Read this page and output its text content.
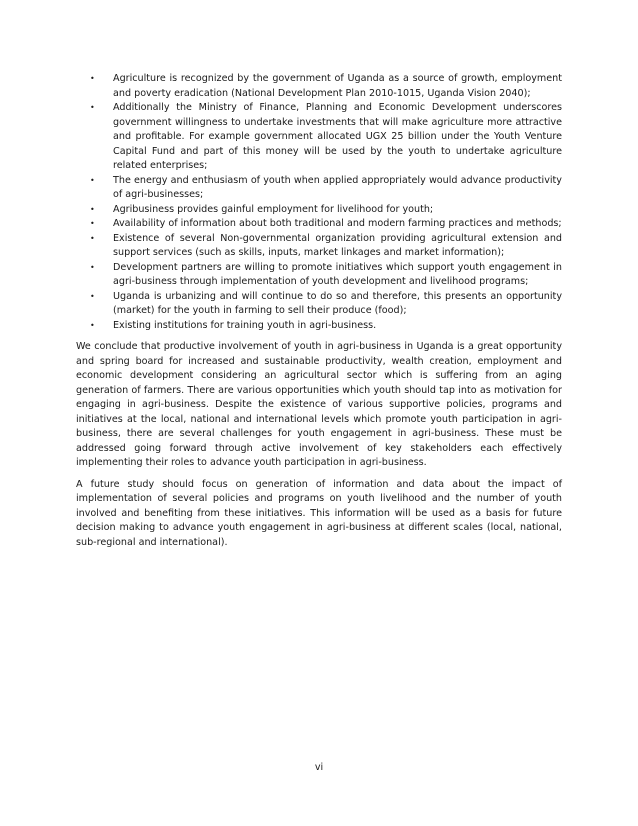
•	Agriculture is recognized by the government of Uganda as a source of growth, employment and poverty eradication (National Development Plan 2010-1015, Uganda Vision 2040);
•	Additionally the Ministry of Finance, Planning and Economic Development underscores government willingness to undertake investments that will make agriculture more attractive and profitable. For example government allocated UGX 25 billion under the Youth Venture Capital Fund and part of this money will be used by the youth to undertake agriculture related enterprises;
•	The energy and enthusiasm of youth when applied appropriately would advance productivity of agri-businesses;
•	Agribusiness provides gainful employment for livelihood for youth;
•	Availability of information about both traditional and modern farming practices and methods;
•	Existence of several Non-governmental organization providing agricultural extension and support services (such as skills, inputs, market linkages and market information);
•	Development partners are willing to promote initiatives which support youth engagement in agri-business through implementation of youth development and livelihood programs;
•	Uganda is urbanizing and will continue to do so and therefore, this presents an opportunity (market) for the youth in farming to sell their produce (food);
•	Existing institutions for training youth in agri-business.

We conclude that productive involvement of youth in agri-business in Uganda is a great opportunity and spring board for increased and sustainable productivity, wealth creation, employment and economic development considering an agricultural sector which is suffering from an aging generation of farmers. There are various opportunities which youth should tap into as motivation for engaging in agri-business. Despite the existence of various supportive policies, programs and initiatives at the local, national and international levels which promote youth participation in agri-business, there are several challenges for youth engagement in agri-business. These must be addressed going forward through active involvement of key stakeholders each effectively implementing their roles to advance youth participation in agri-business.

A future study should focus on generation of information and data about the impact of implementation of several policies and programs on youth livelihood and the number of youth involved and benefiting from these initiatives. This information will be used as a basis for future decision making to advance youth engagement in agri-business at different scales (local, national, sub-regional and international).

vi
